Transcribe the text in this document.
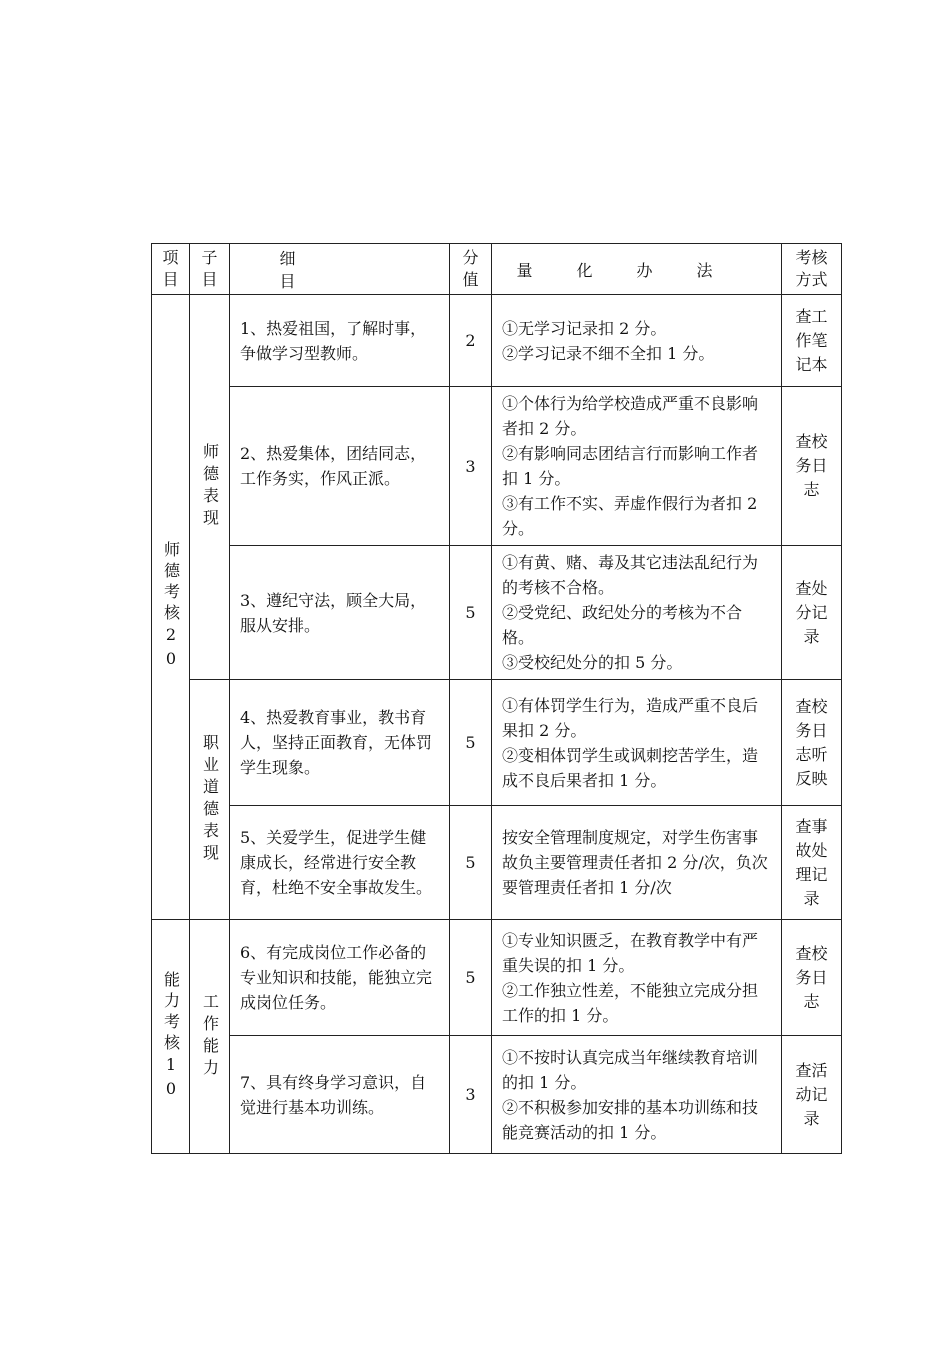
项目	子目	细目	分值	量化办法	考核方式

师德考核20	师德表现	1、热爱祖国，了解时事，争做学习型教师。	2	①无学习记录扣 2 分。
②学习记录不细不全扣 1 分。	查工作笔记本
		2、热爱集体，团结同志，工作务实，作风正派。	3	①个体行为给学校造成严重不良影响者扣 2 分。
②有影响同志团结言行而影响工作者扣 1 分。
③有工作不实、弄虚作假行为者扣 2 分。	查校务日志
		3、遵纪守法，顾全大局，服从安排。	5	①有黄、赌、毒及其它违法乱纪行为的考核不合格。
②受党纪、政纪处分的考核为不合格。
③受校纪处分的扣 5 分。	查处分记录

	职业道德表现	4、热爱教育事业，教书育人，坚持正面教育，无体罚学生现象。	5	①有体罚学生行为，造成严重不良后果扣 2 分。
②变相体罚学生或讽刺挖苦学生，造成不良后果者扣 1 分。	查校务日志听反映
		5、关爱学生，促进学生健康成长，经常进行安全教育，杜绝不安全事故发生。	5	按安全管理制度规定，对学生伤害事故负主要管理责任者扣 2 分/次，负次要管理责任者扣 1 分/次	查事故处理记录

能力考核10	工作能力	6、有完成岗位工作必备的专业知识和技能，能独立完成岗位任务。	5	①专业知识匮乏，在教育教学中有严重失误的扣 1 分。
②工作独立性差，不能独立完成分担工作的扣 1 分。	查校务日志
		7、具有终身学习意识，自觉进行基本功训练。	3	①不按时认真完成当年继续教育培训的扣 1 分。
②不积极参加安排的基本功训练和技能竞赛活动的扣 1 分。	查活动记录
